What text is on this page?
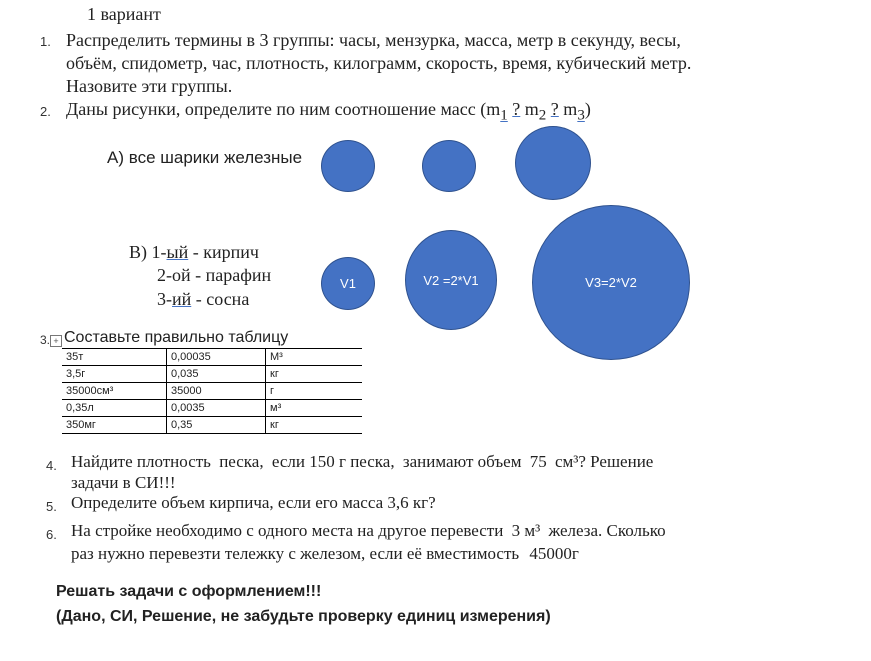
1 вариант
1. Распределить термины в 3 группы: часы, мензурка, масса, метр в секунду, весы,
объём, спидометр, час, плотность, килограмм, скорость, время, кубический метр.
Назовите эти группы.
2. Даны рисунки, определите по ним соотношение масс ($m_1$ ? $m_2$ ? $m_3$)
А) все шарики железные
В) 1-ый - кирпич
2-ой - парафин
3-ий - сосна
V1	V2 =2*V1	V3=2*V2
3. + Составьте правильно таблицу
35т	0,00035	М³
3,5г	0,035	кг
35000см³	35000	г
0,35л	0,0035	м³
350мг	0,35	кг
4. Найдите плотность песка, если 150 г песка, занимают объем 75 см³? Решение
задачи в СИ!!!
5. Определите объем кирпича, если его масса 3,6 кг?
6. На стройке необходимо с одного места на другое перевести 3 м³ железа. Сколько
раз нужно перевезти тележку с железом, если её вместимость 45000г
Решать задачи с оформлением!!!
(Дано, СИ, Решение, не забудьте проверку единиц измерения)
